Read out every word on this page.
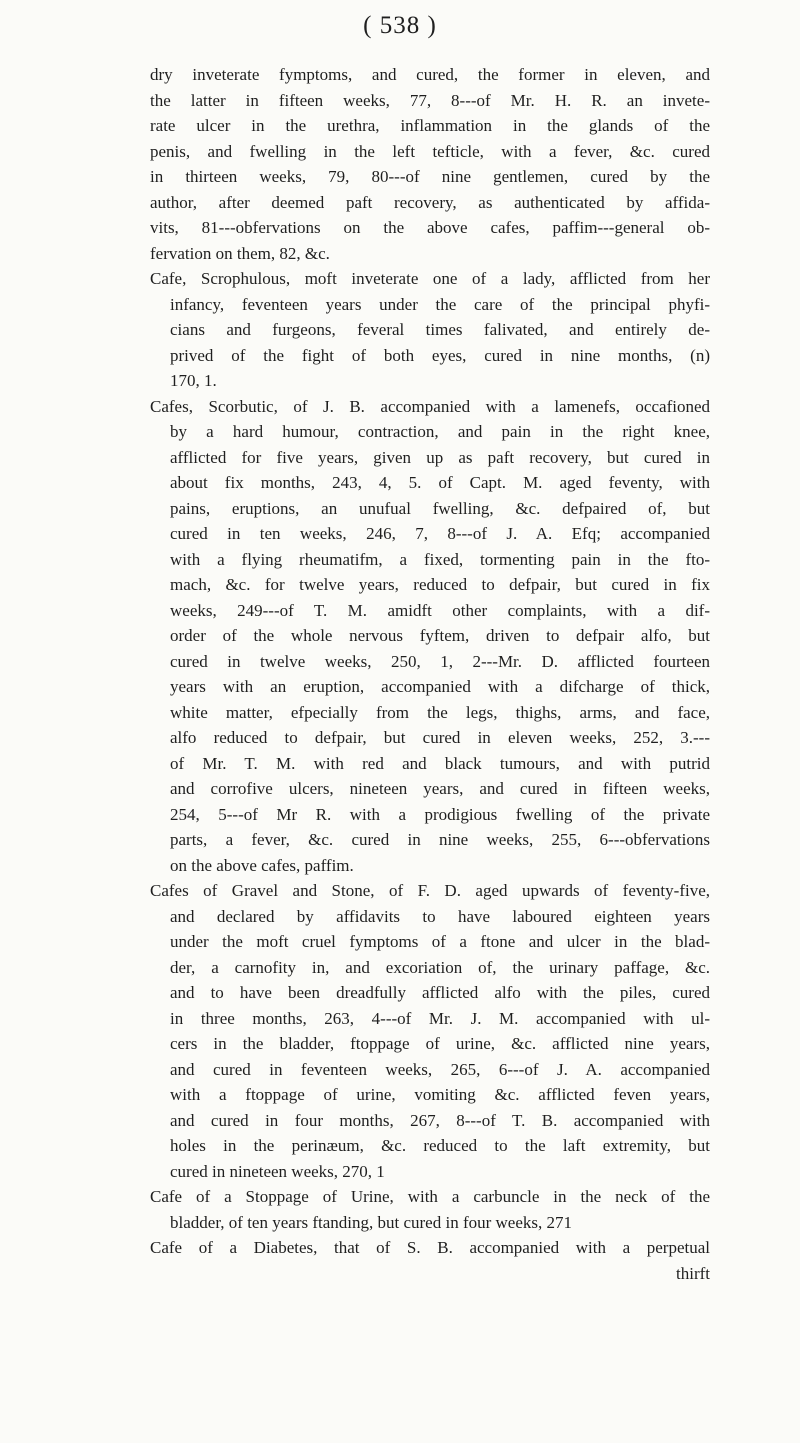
( 538 )
dry inveterate fymptoms, and cured, the former in eleven, and
the latter in fifteen weeks, 77, 8---of Mr. H. R. an invete-
rate ulcer in the urethra, inflammation in the glands of the
penis, and fwelling in the left tefticle, with a fever, &c. cured
in thirteen weeks, 79, 80---of nine gentlemen, cured by the
author, after deemed paft recovery, as authenticated by affida-
vits, 81---obfervations on the above cafes, paffim---general ob-
fervation on them, 82, &c.
Cafe, Scrophulous, moft inveterate one of a lady, afflicted from her
infancy, feventeen years under the care of the principal phyfi-
cians and furgeons, feveral times falivated, and entirely de-
prived of the fight of both eyes, cured in nine months, (n)
170, 1.
Cafes, Scorbutic, of J. B. accompanied with a lamenefs, occafioned
by a hard humour, contraction, and pain in the right knee,
afflicted for five years, given up as paft recovery, but cured in
about fix months, 243, 4, 5. of Capt. M. aged feventy, with
pains, eruptions, an unufual fwelling, &c. defpaired of, but
cured in ten weeks, 246, 7, 8---of J. A. Efq; accompanied
with a flying rheumatifm, a fixed, tormenting pain in the fto-
mach, &c. for twelve years, reduced to defpair, but cured in fix
weeks, 249---of T. M. amidft other complaints, with a dif-
order of the whole nervous fyftem, driven to defpair alfo, but
cured in twelve weeks, 250, 1, 2---Mr. D. afflicted fourteen
years with an eruption, accompanied with a difcharge of thick,
white matter, efpecially from the legs, thighs, arms, and face,
alfo reduced to defpair, but cured in eleven weeks, 252, 3.---
of Mr. T. M. with red and black tumours, and with putrid
and corrofive ulcers, nineteen years, and cured in fifteen weeks,
254, 5---of Mr R. with a prodigious fwelling of the private
parts, a fever, &c. cured in nine weeks, 255, 6---obfervations
on the above cafes, paffim.
Cafes of Gravel and Stone, of F. D. aged upwards of feventy-five,
and declared by affidavits to have laboured eighteen years
under the moft cruel fymptoms of a ftone and ulcer in the blad-
der, a carnofity in, and excoriation of, the urinary paffage, &c.
and to have been dreadfully afflicted alfo with the piles, cured
in three months, 263, 4---of Mr. J. M. accompanied with ul-
cers in the bladder, ftoppage of urine, &c. afflicted nine years,
and cured in feventeen weeks, 265, 6---of J. A. accompanied
with a ftoppage of urine, vomiting &c. afflicted feven years,
and cured in four months, 267, 8---of T. B. accompanied with
holes in the perinæum, &c. reduced to the laft extremity, but
cured in nineteen weeks, 270, 1
Cafe of a Stoppage of Urine, with a carbuncle in the neck of the
bladder, of ten years ftanding, but cured in four weeks, 271
Cafe of a Diabetes, that of S. B. accompanied with a perpetual
thirft
